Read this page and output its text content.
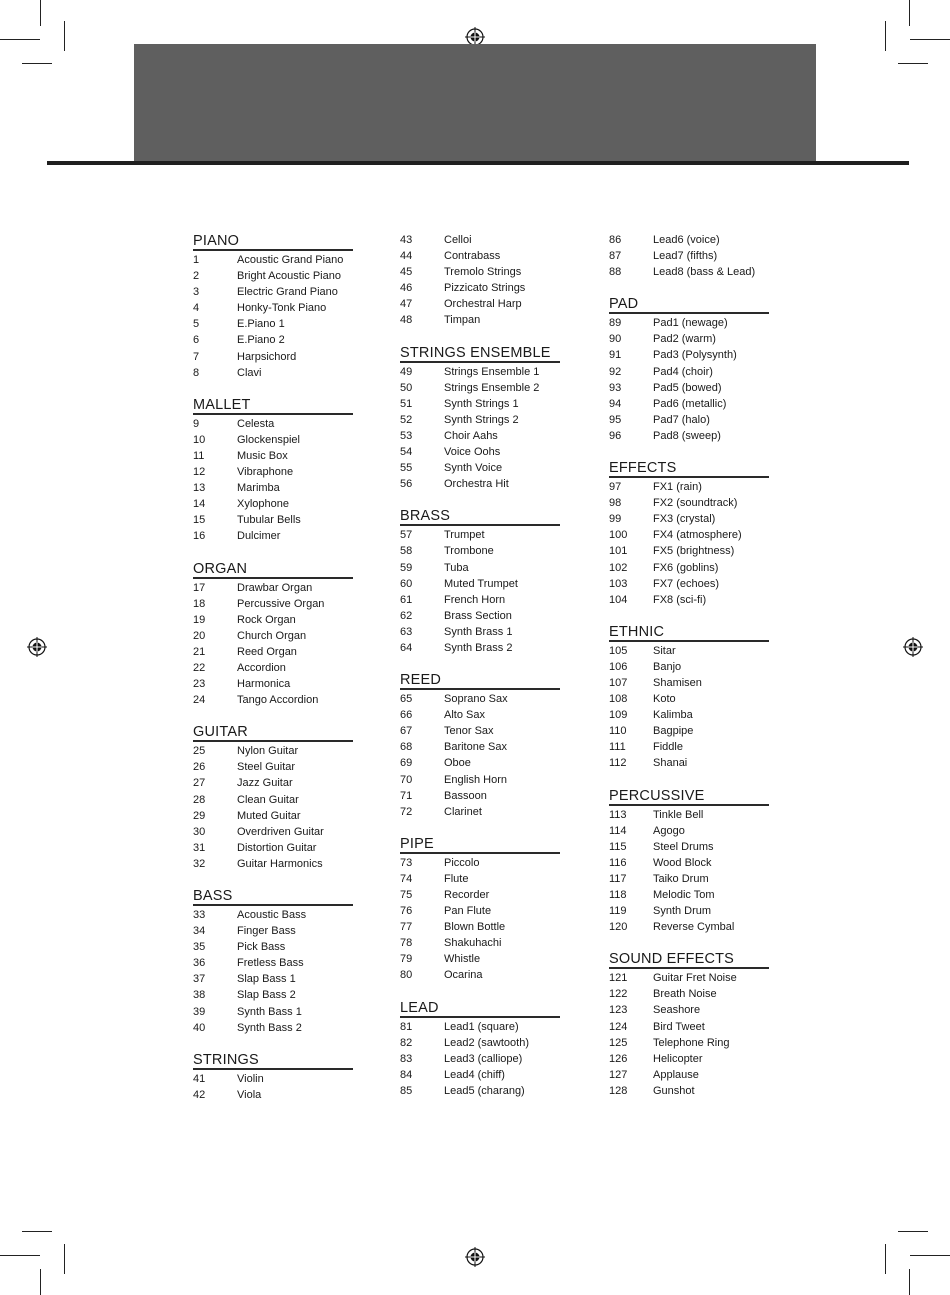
PIANO
1	Acoustic Grand Piano
2	Bright Acoustic Piano
3	Electric Grand Piano
4	Honky-Tonk Piano
5	E.Piano 1
6	E.Piano 2
7	Harpsichord
8	Clavi
MALLET
9	Celesta
10	Glockenspiel
11	Music Box
12	Vibraphone
13	Marimba
14	Xylophone
15	Tubular Bells
16	Dulcimer
ORGAN
17	Drawbar Organ
18	Percussive Organ
19	Rock Organ
20	Church Organ
21	Reed Organ
22	Accordion
23	Harmonica
24	Tango Accordion
GUITAR
25	Nylon Guitar
26	Steel Guitar
27	Jazz Guitar
28	Clean Guitar
29	Muted Guitar
30	Overdriven Guitar
31	Distortion Guitar
32	Guitar Harmonics
BASS
33	Acoustic Bass
34	Finger Bass
35	Pick Bass
36	Fretless Bass
37	Slap Bass 1
38	Slap Bass 2
39	Synth Bass 1
40	Synth Bass 2
STRINGS
41	Violin
42	Viola
43	Celloi
44	Contrabass
45	Tremolo Strings
46	Pizzicato Strings
47	Orchestral Harp
48	Timpan
STRINGS ENSEMBLE
49	Strings Ensemble 1
50	Strings Ensemble 2
51	Synth Strings 1
52	Synth Strings 2
53	Choir Aahs
54	Voice Oohs
55	Synth Voice
56	Orchestra Hit
BRASS
57	Trumpet
58	Trombone
59	Tuba
60	Muted Trumpet
61	French Horn
62	Brass Section
63	Synth Brass 1
64	Synth Brass 2
REED
65	Soprano Sax
66	Alto Sax
67	Tenor Sax
68	Baritone Sax
69	Oboe
70	English Horn
71	Bassoon
72	Clarinet
PIPE
73	Piccolo
74	Flute
75	Recorder
76	Pan Flute
77	Blown Bottle
78	Shakuhachi
79	Whistle
80	Ocarina
LEAD
81	Lead1 (square)
82	Lead2 (sawtooth)
83	Lead3 (calliope)
84	Lead4 (chiff)
85	Lead5 (charang)
86	Lead6 (voice)
87	Lead7 (fifths)
88	Lead8 (bass & Lead)
PAD
89	Pad1 (newage)
90	Pad2 (warm)
91	Pad3 (Polysynth)
92	Pad4 (choir)
93	Pad5 (bowed)
94	Pad6 (metallic)
95	Pad7 (halo)
96	Pad8 (sweep)
EFFECTS
97	FX1 (rain)
98	FX2 (soundtrack)
99	FX3 (crystal)
100 FX4 (atmosphere)
101 FX5 (brightness)
102 FX6 (goblins)
103 FX7 (echoes)
104 FX8 (sci-fi)
ETHNIC
105 Sitar
106 Banjo
107 Shamisen
108 Koto
109 Kalimba
110 Bagpipe
111 Fiddle
112 Shanai
PERCUSSIVE
113 Tinkle Bell
114 Agogo
115 Steel Drums
116 Wood Block
117 Taiko Drum
118 Melodic Tom
119 Synth Drum
120 Reverse Cymbal
SOUND EFFECTS
121 Guitar Fret Noise
122 Breath Noise
123 Seashore
124 Bird Tweet
125 Telephone Ring
126 Helicopter
127 Applause
128 Gunshot
